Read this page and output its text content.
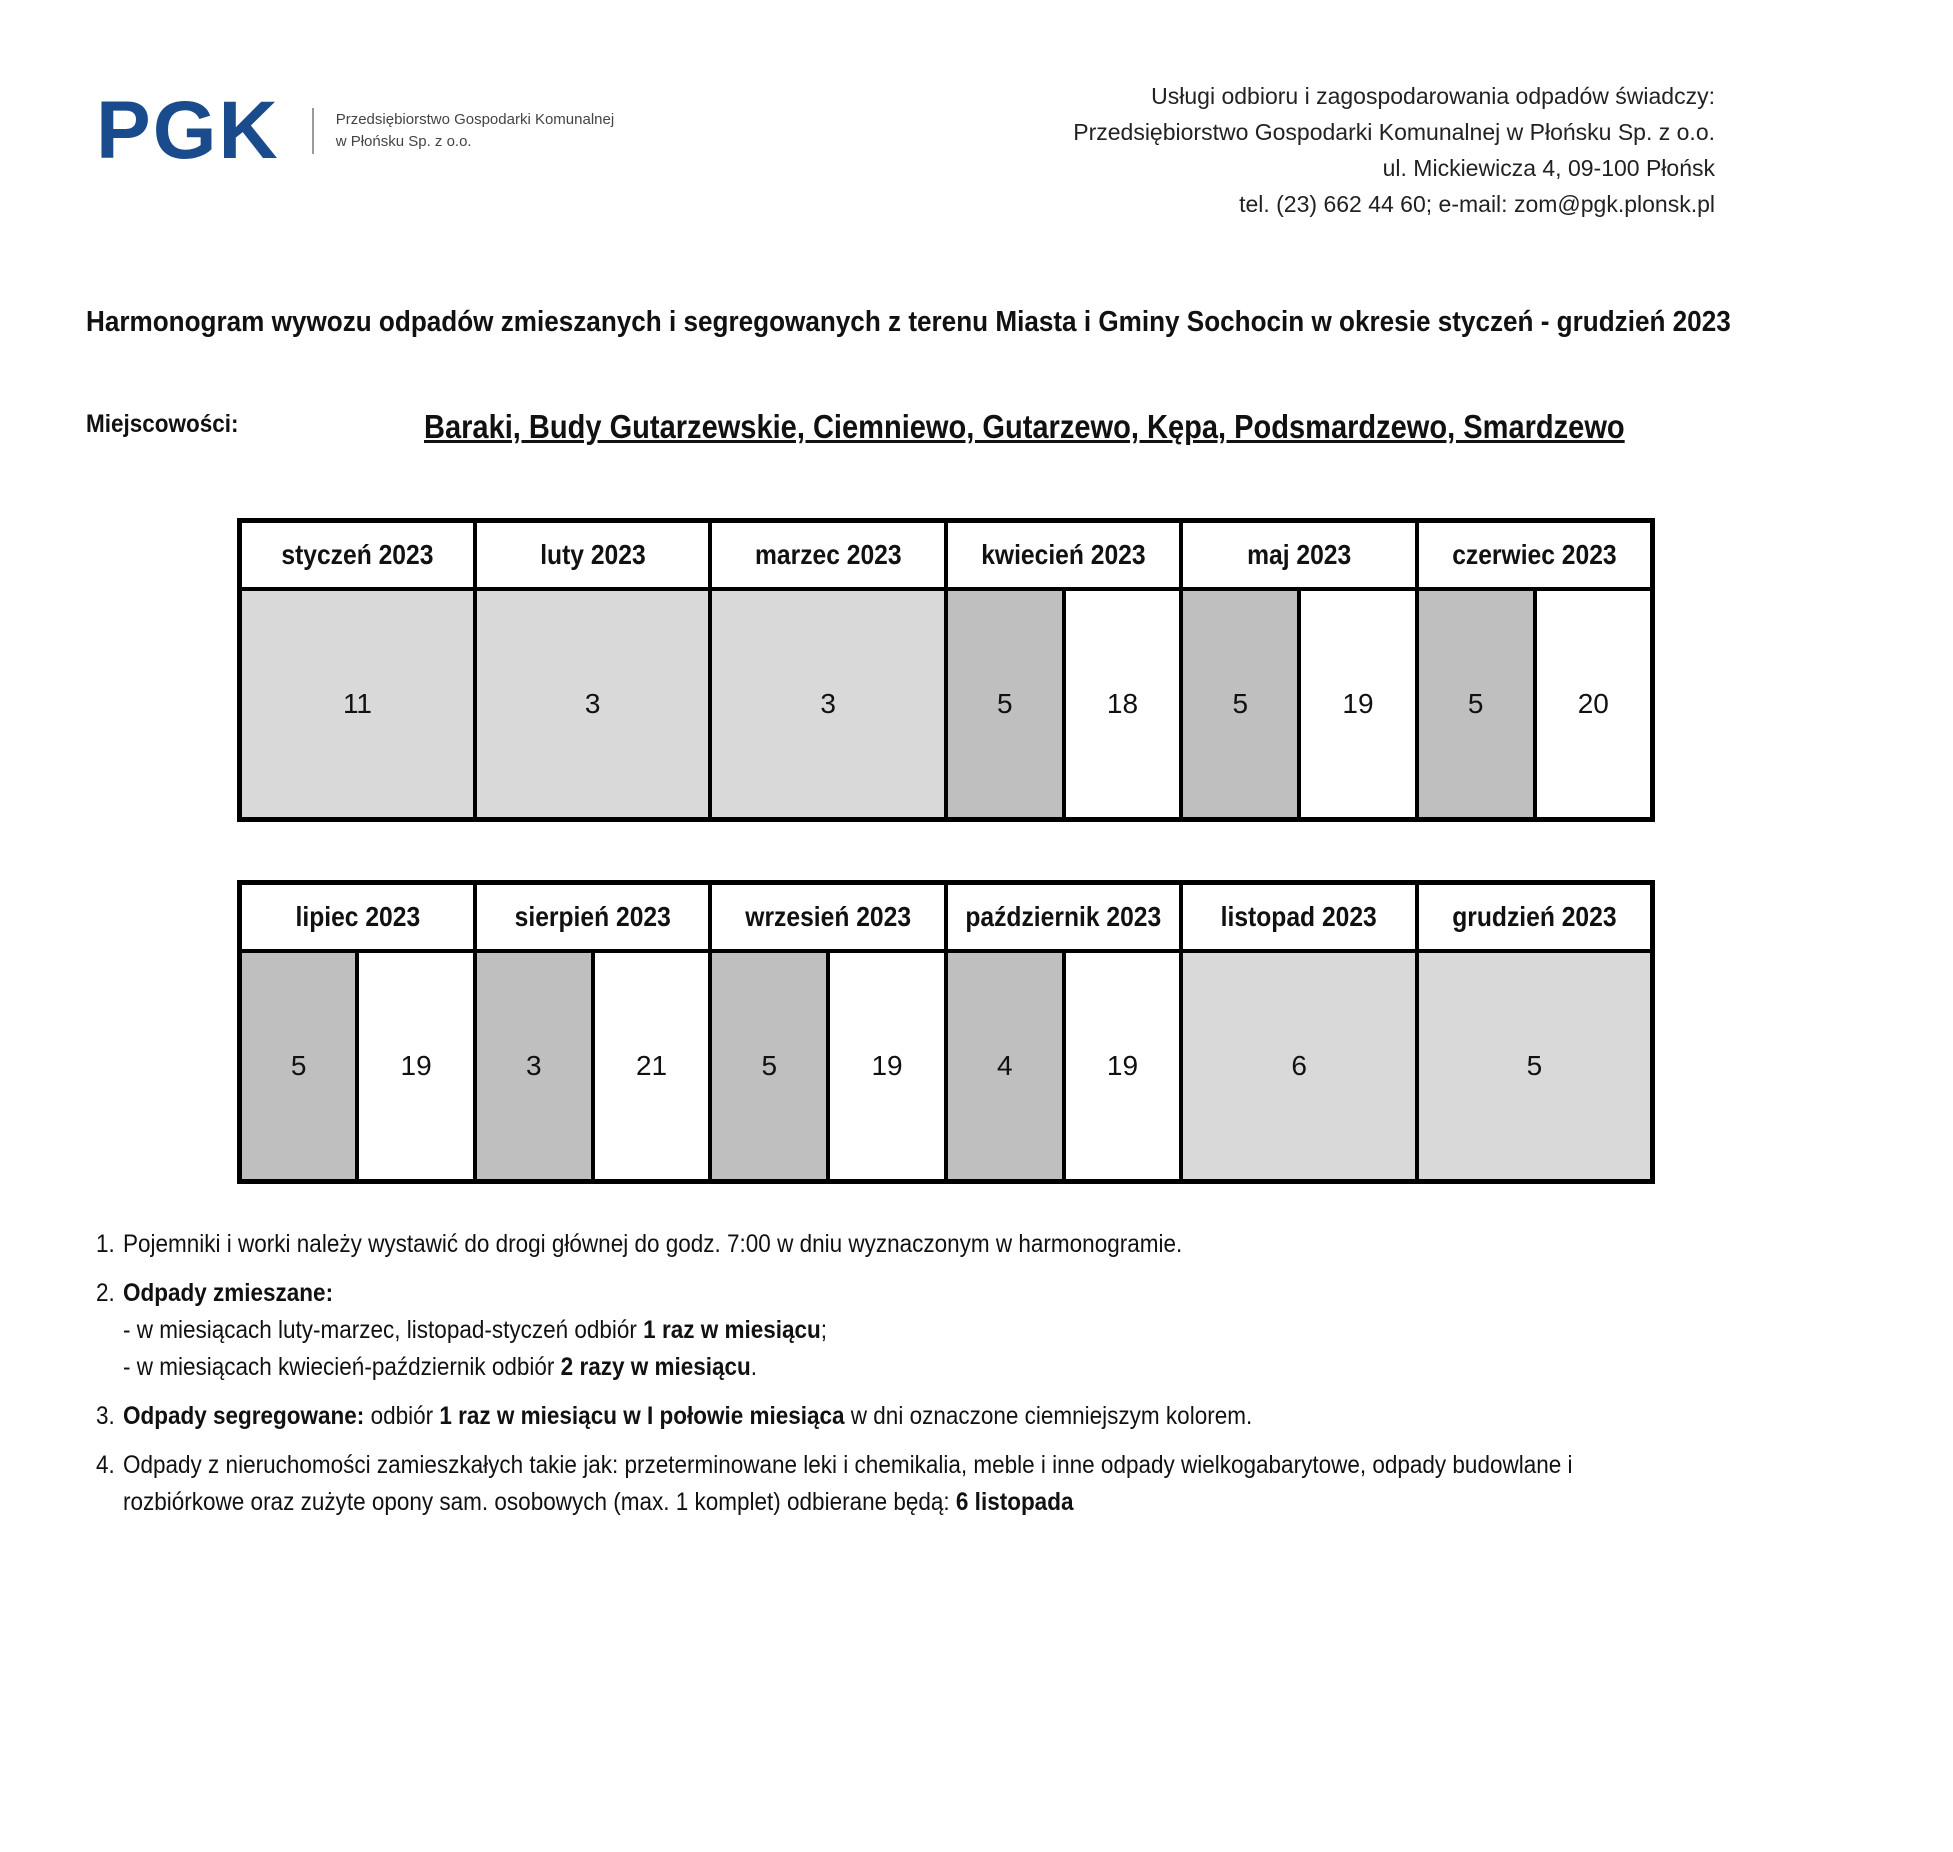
PGK	Przedsiębiorstwo Gospodarki Komunalnej
w Płońsku Sp. z o.o.
Usługi odbioru i zagospodarowania odpadów świadczy:
Przedsiębiorstwo Gospodarki Komunalnej w Płońsku Sp. z o.o.
ul. Mickiewicza 4, 09-100 Płońsk
tel. (23) 662 44 60; e-mail: zom@pgk.plonsk.pl
Harmonogram wywozu odpadów zmieszanych i segregowanych z terenu Miasta i Gminy Sochocin w okresie styczeń - grudzień 2023
Miejscowości:	Baraki, Budy Gutarzewskie, Ciemniewo, Gutarzewo, Kępa, Podsmardzewo, Smardzewo
styczeń 2023	luty 2023	marzec 2023	kwiecień 2023		maj 2023		czerwiec 2023	
11	3	3	5	18	5	19	5	20
lipiec 2023		sierpień 2023		wrzesień 2023		październik 2023		listopad 2023	grudzień 2023
5	19	3	21	5	19	4	19	6	5
1. Pojemniki i worki należy wystawić do drogi głównej do godz. 7:00 w dniu wyznaczonym w harmonogramie.
2. Odpady zmieszane:
- w miesiącach luty-marzec, listopad-styczeń odbiór 1 raz w miesiącu;
- w miesiącach kwiecień-październik odbiór 2 razy w miesiącu.
3. Odpady segregowane: odbiór 1 raz w miesiącu w I połowie miesiąca w dni oznaczone ciemniejszym kolorem.
4. Odpady z nieruchomości zamieszkałych takie jak: przeterminowane leki i chemikalia, meble i inne odpady wielkogabarytowe, odpady budowlane i rozbiórkowe oraz zużyte opony sam. osobowych (max. 1 komplet) odbierane będą: 6 listopada
